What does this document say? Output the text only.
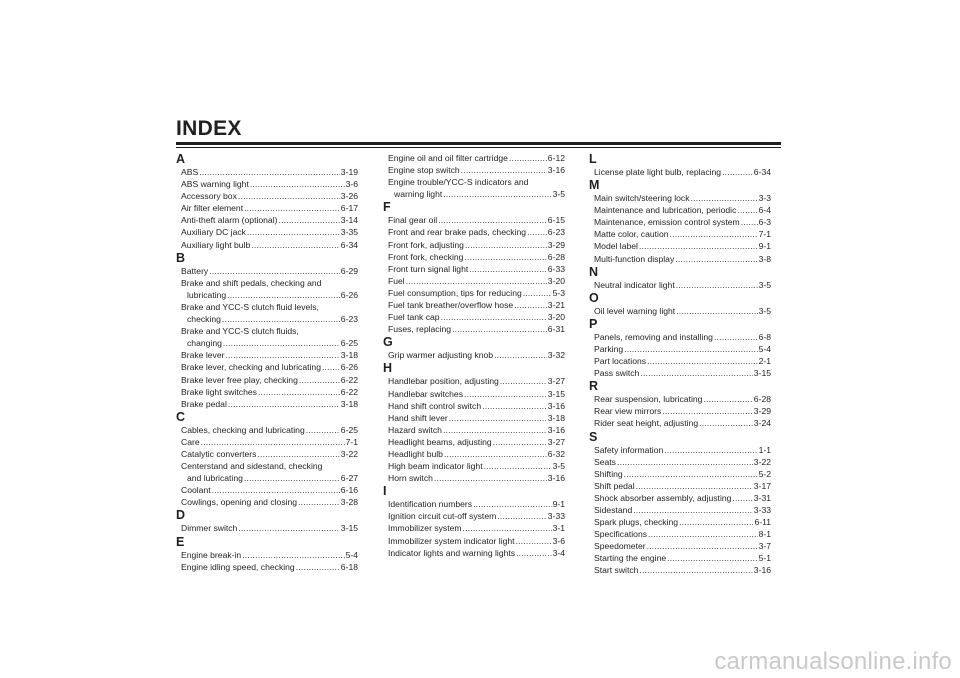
INDEX
A
ABS .....	3-19
ABS warning light .....	3-6
Accessory box .....	3-26
Air filter element .....	6-17
Anti-theft alarm (optional) .....	3-14
Auxiliary DC jack .....	3-35
Auxiliary light bulb .....	6-34
B
Battery .....	6-29
Brake and shift pedals, checking and
lubricating .....	6-26
Brake and YCC-S clutch fluid levels,
checking .....	6-23
Brake and YCC-S clutch fluids,
changing .....	6-25
Brake lever .....	3-18
Brake lever, checking and lubricating ..... 6-26
Brake lever free play, checking .....	6-22
Brake light switches .....	6-22
Brake pedal .....	3-18
C
Cables, checking and lubricating .....	6-25
Care .....	7-1
Catalytic converters .....	3-22
Centerstand and sidestand, checking
and lubricating .....	6-27
Coolant .....	6-16
Cowlings, opening and closing .....	3-28
D
Dimmer switch .....	3-15
E
Engine break-in .....	5-4
Engine idling speed, checking .....	6-18
Engine oil and oil filter cartridge .....	6-12
Engine stop switch .....	3-16
Engine trouble/YCC-S indicators and
warning light .....	3-5
F
Final gear oil .....	6-15
Front and rear brake pads, checking .....	6-23
Front fork, adjusting .....	3-29
Front fork, checking .....	6-28
Front turn signal light .....	6-33
Fuel .....	3-20
Fuel consumption, tips for reducing .....	5-3
Fuel tank breather/overflow hose .....	3-21
Fuel tank cap .....	3-20
Fuses, replacing .....	6-31
G
Grip warmer adjusting knob .....	3-32
H
Handlebar position, adjusting .....	3-27
Handlebar switches .....	3-15
Hand shift control switch .....	3-16
Hand shift lever .....	3-18
Hazard switch .....	3-16
Headlight beams, adjusting .....	3-27
Headlight bulb .....	6-32
High beam indicator light .....	3-5
Horn switch .....	3-16
I
Identification numbers .....	9-1
Ignition circuit cut-off system .....	3-33
Immobilizer system .....	3-1
Immobilizer system indicator light .....	3-6
Indicator lights and warning lights .....	3-4
L
License plate light bulb, replacing .....	6-34
M
Main switch/steering lock .....	3-3
Maintenance and lubrication, periodic .....	6-4
Maintenance, emission control system ..... 6-3
Matte color, caution .....	7-1
Model label .....	9-1
Multi-function display .....	3-8
N
Neutral indicator light .....	3-5
O
Oil level warning light .....	3-5
P
Panels, removing and installing .....	6-8
Parking .....	5-4
Part locations .....	2-1
Pass switch .....	3-15
R
Rear suspension, lubricating .....	6-28
Rear view mirrors .....	3-29
Rider seat height, adjusting .....	3-24
S
Safety information .....	1-1
Seats .....	3-22
Shifting .....	5-2
Shift pedal .....	3-17
Shock absorber assembly, adjusting .....	3-31
Sidestand .....	3-33
Spark plugs, checking .....	6-11
Specifications .....	8-1
Speedometer .....	3-7
Starting the engine .....	5-1
Start switch .....	3-16
carmanualsonline.info
